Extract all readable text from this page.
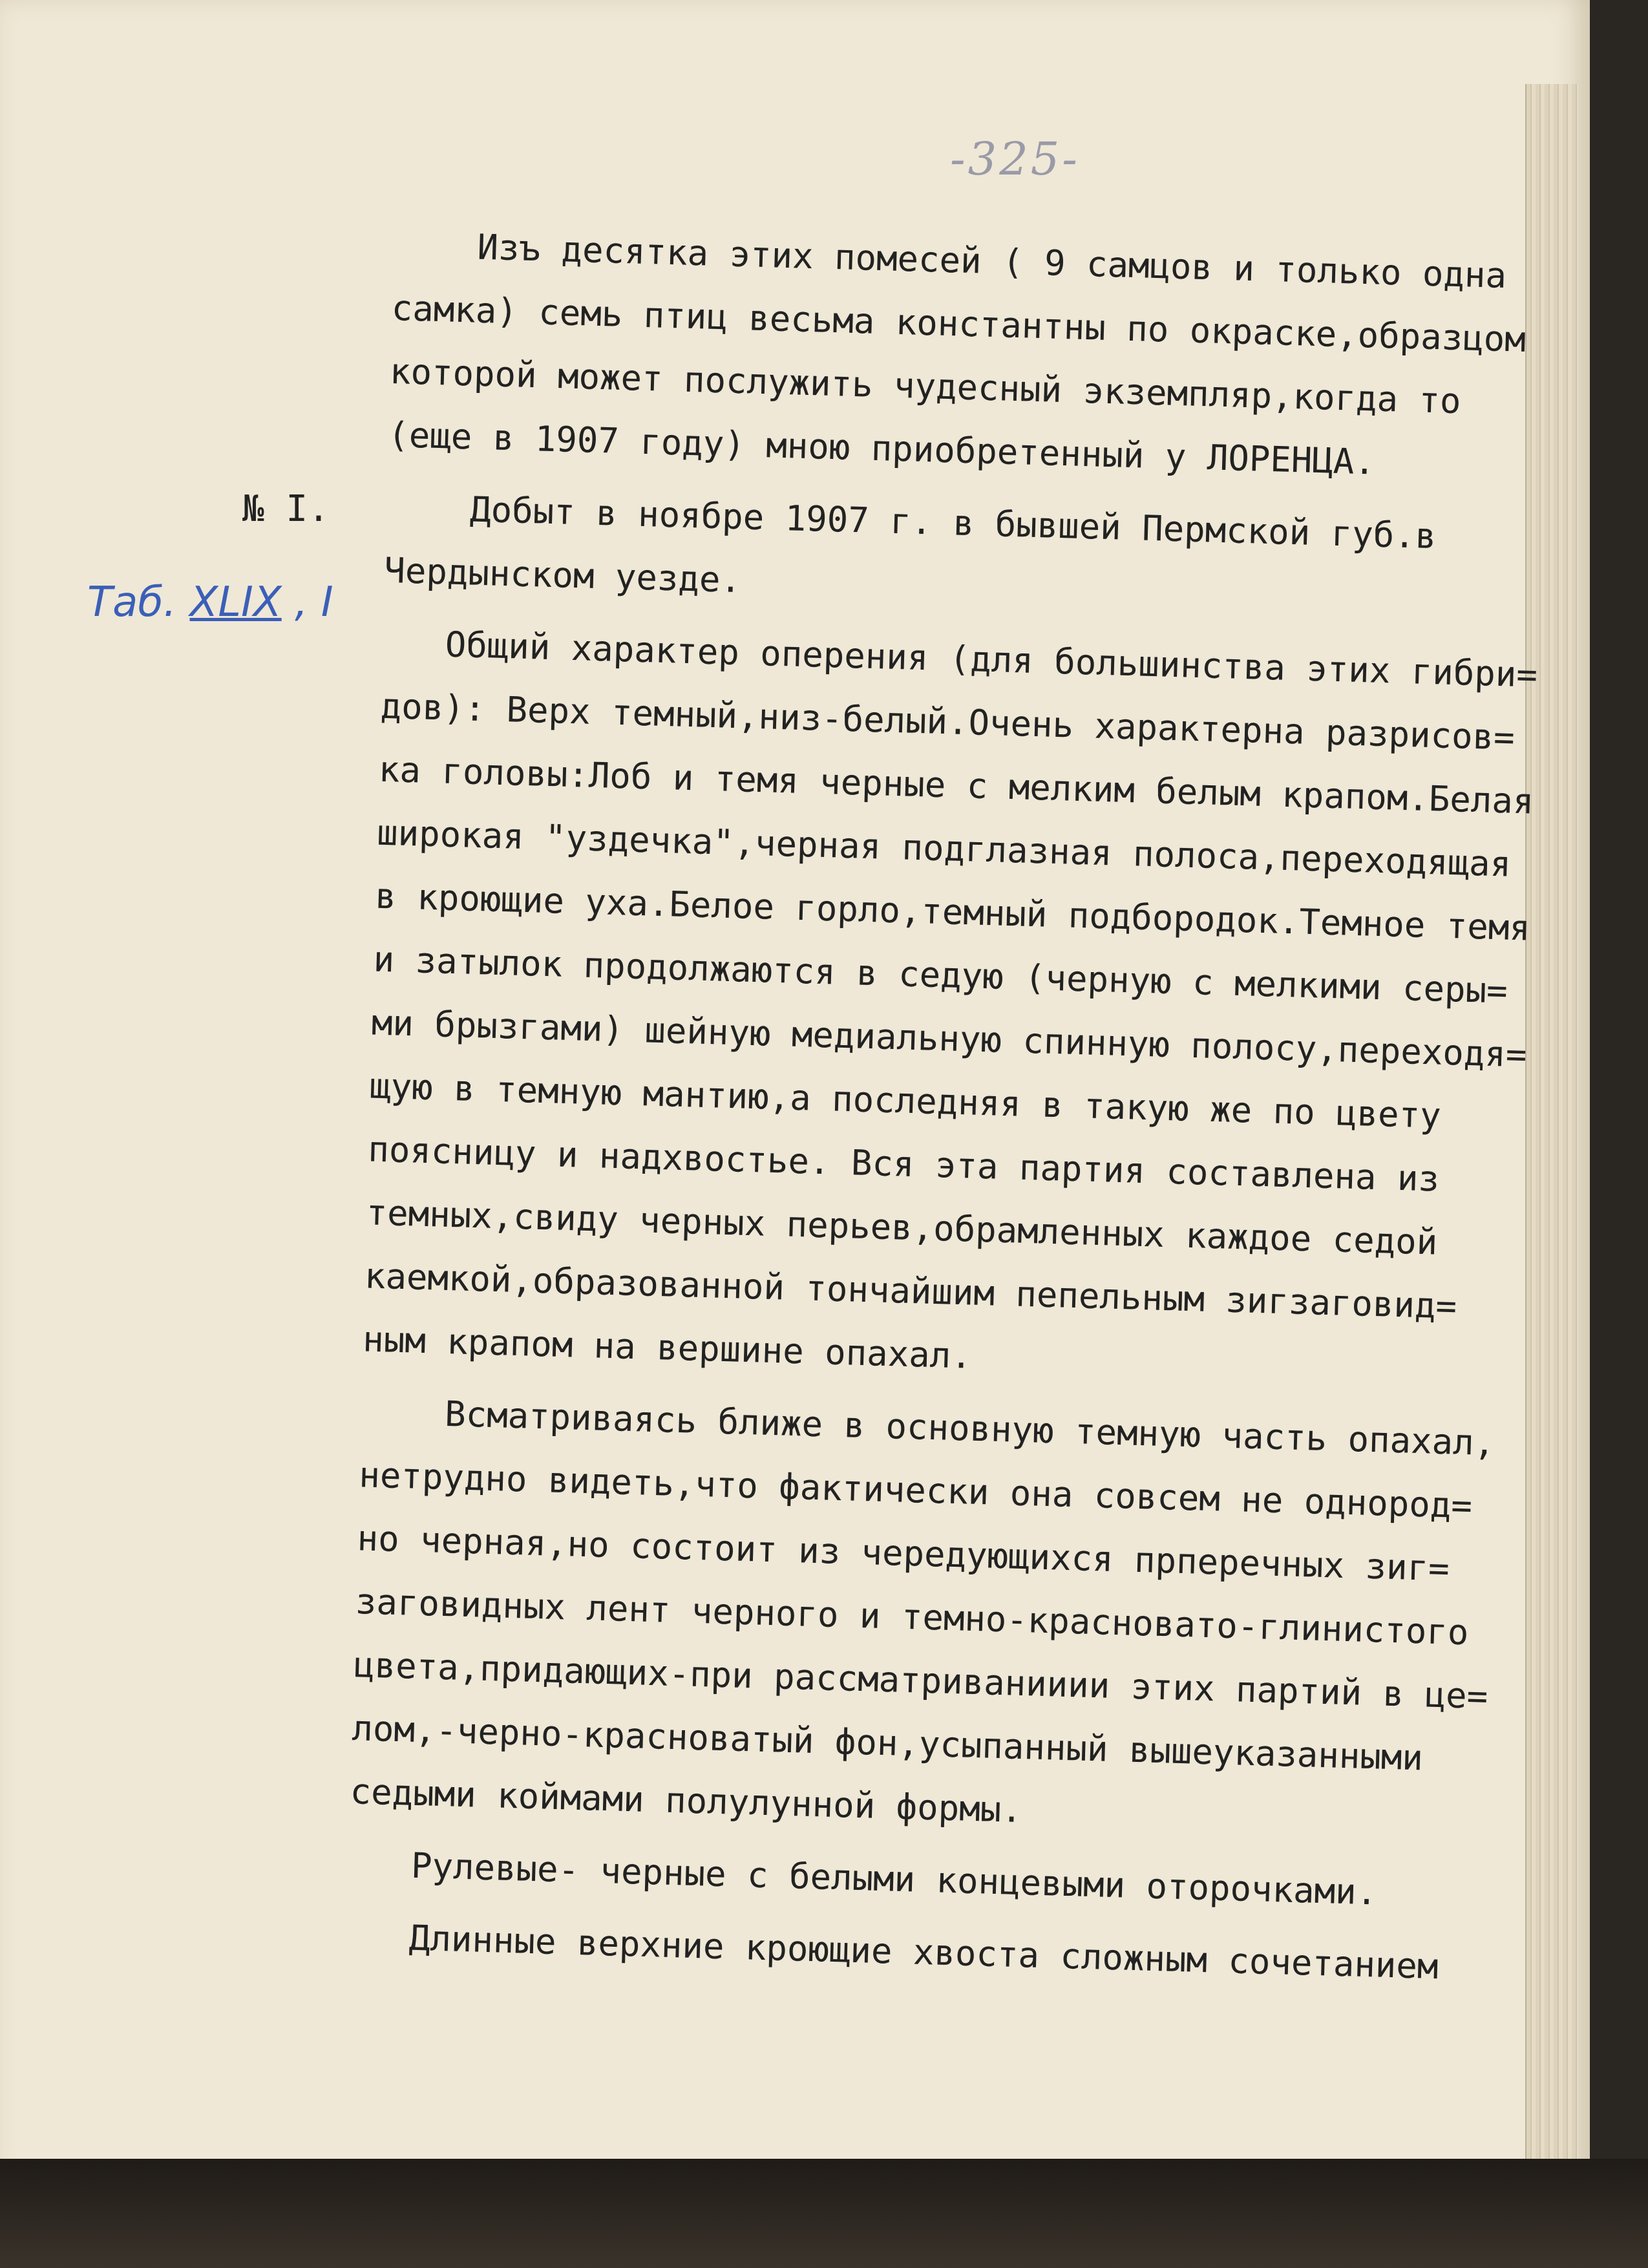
-325-
№ I.
Таб. XLIX , I
Изъ десятка этих помесей ( 9 самцов и только одна
самка) семь птиц весьма константны по окраске,образцом
которой может послужить чудесный экземпляр,когда то
(еще в 1907 году) мною приобретенный у ЛОРЕНЦА.
Добыт в ноябре 1907 г. в бывшей Пермской губ.в
Чердынском уезде.
Общий характер оперения (для большинства этих гибри=
дов): Верх темный,низ-белый.Очень характерна разрисов=
ка головы:Лоб и темя черные с мелким белым крапом.Белая
широкая "уздечка",черная подглазная полоса,переходящая
в кроющие уха.Белое горло,темный подбородок.Темное темя
и затылок продолжаются в седую (черную с мелкими серы=
ми брызгами) шейную медиальную спинную полосу,переходя=
щую в темную мантию,а последняя в такую же по цвету
поясницу и надхвостье. Вся эта партия составлена из
темных,свиду черных перьев,обрамленных каждое седой
каемкой,образованной тончайшим пепельным зигзаговид=
ным крапом на вершине опахал.
Всматриваясь ближе в основную темную часть опахал,
нетрудно видеть,что фактически она совсем не однород=
но черная,но состоит из чередующихся прперечных зиг=
заговидных лент черного и темно-красновато-глинистого
цвета,придающих-при рассматриванииии этих партий в це=
лом,-черно-красноватый фон,усыпанный вышеуказанными
седыми коймами полулунной формы.
Рулевые- черные с белыми концевыми оторочками.
Длинные верхние кроющие хвоста сложным сочетанием
